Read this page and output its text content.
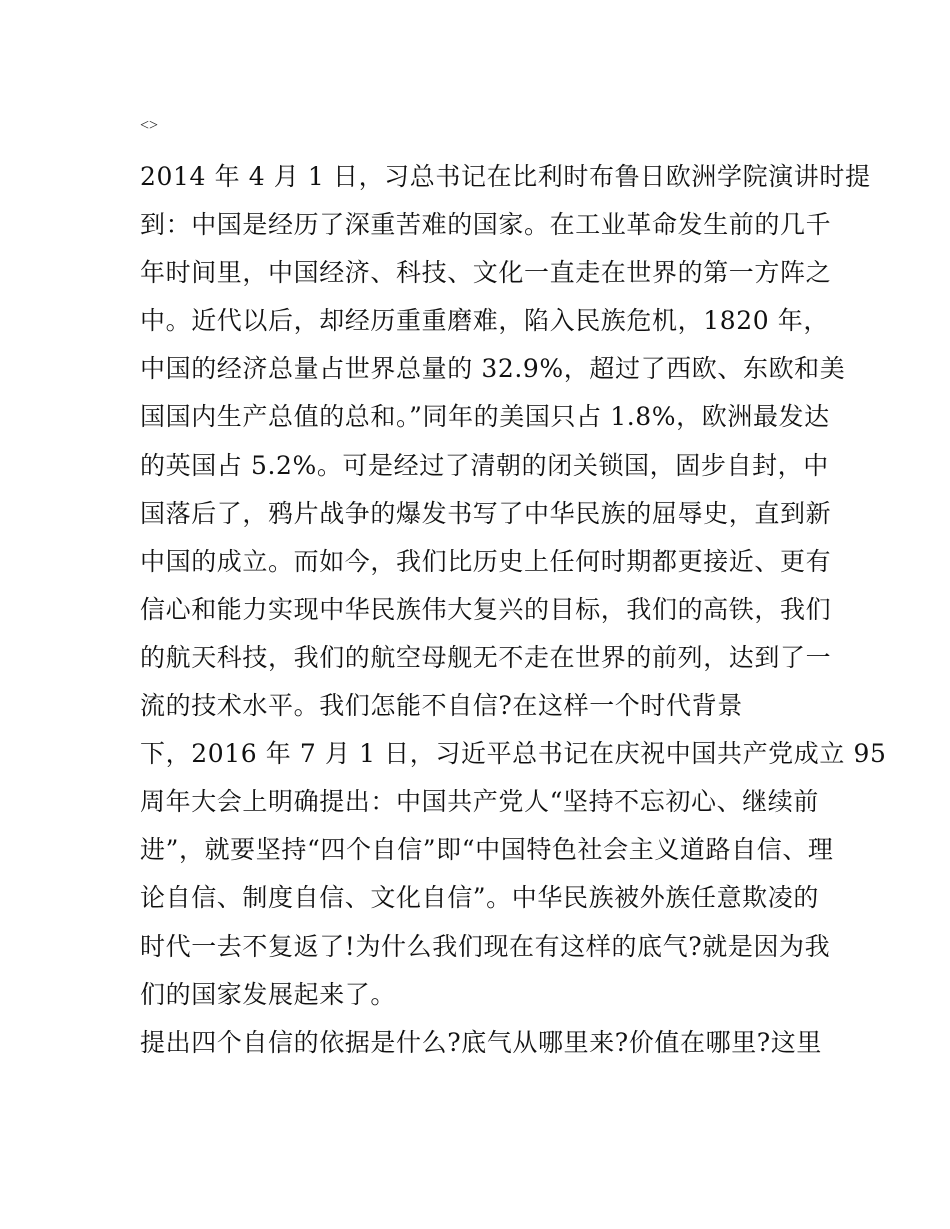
<>
2014 年 4 月 1 日，习总书记在比利时布鲁日欧洲学院演讲时提
到：中国是经历了深重苦难的国家。在工业革命发生前的几千
年时间里，中国经济、科技、文化一直走在世界的第一方阵之
中。近代以后，却经历重重磨难，陷入民族危机，1820 年，
中国的经济总量占世界总量的 32.9%，超过了西欧、东欧和美
国国内生产总值的总和。”同年的美国只占 1.8%，欧洲最发达
的英国占 5.2%。可是经过了清朝的闭关锁国，固步自封，中
国落后了，鸦片战争的爆发书写了中华民族的屈辱史，直到新
中国的成立。而如今，我们比历史上任何时期都更接近、更有
信心和能力实现中华民族伟大复兴的目标，我们的高铁，我们
的航天科技，我们的航空母舰无不走在世界的前列，达到了一
流的技术水平。我们怎能不自信?在这样一个时代背景
下，2016 年 7 月 1 日，习近平总书记在庆祝中国共产党成立 95
周年大会上明确提出：中国共产党人“坚持不忘初心、继续前
进”，就要坚持“四个自信”即“中国特色社会主义道路自信、理
论自信、制度自信、文化自信”。中华民族被外族任意欺凌的
时代一去不复返了!为什么我们现在有这样的底气?就是因为我
们的国家发展起来了。
提出四个自信的依据是什么?底气从哪里来?价值在哪里?这里
